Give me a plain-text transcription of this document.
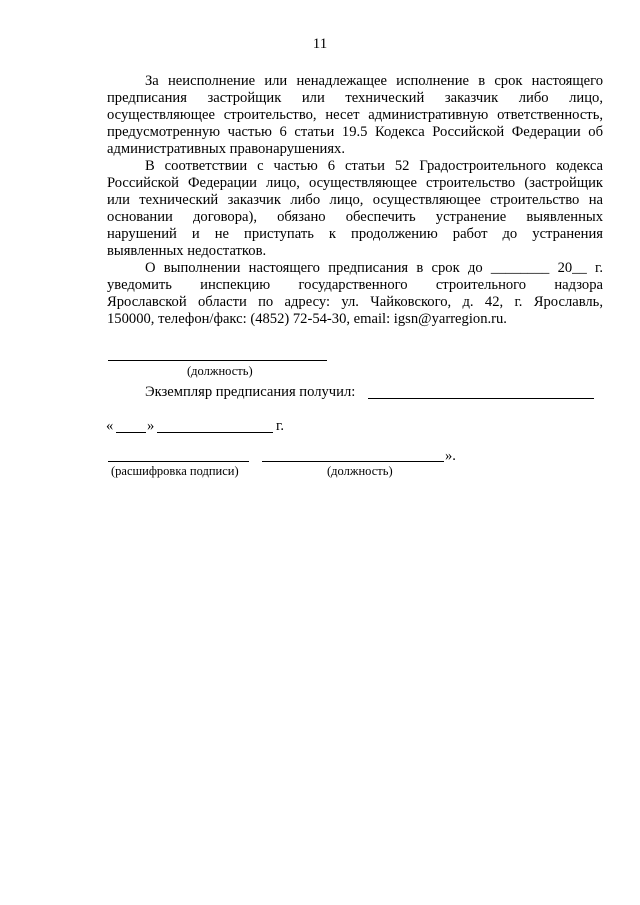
11
За неисполнение или ненадлежащее исполнение в срок настоящего
предписания застройщик или технический заказчик либо лицо,
осуществляющее строительство, несет административную ответственность,
предусмотренную частью 6 статьи 19.5 Кодекса Российской Федерации об
административных правонарушениях.
В соответствии с частью 6 статьи 52 Градостроительного кодекса
Российской Федерации лицо, осуществляющее строительство (застройщик
или технический заказчик либо лицо, осуществляющее строительство на
основании договора), обязано обеспечить устранение выявленных
нарушений и не приступать к продолжению работ до устранения
выявленных недостатков.
О выполнении настоящего предписания в срок до ________ 20__ г.
уведомить инспекцию государственного строительного надзора
Ярославской области по адресу: ул. Чайковского, д. 42, г. Ярославль,
150000, телефон/факс: (4852) 72-54-30, email: igsn@yarregion.ru.
(должность)
Экземпляр предписания получил:
« »	г.
».
(расшифровка подписи)	(должность)
